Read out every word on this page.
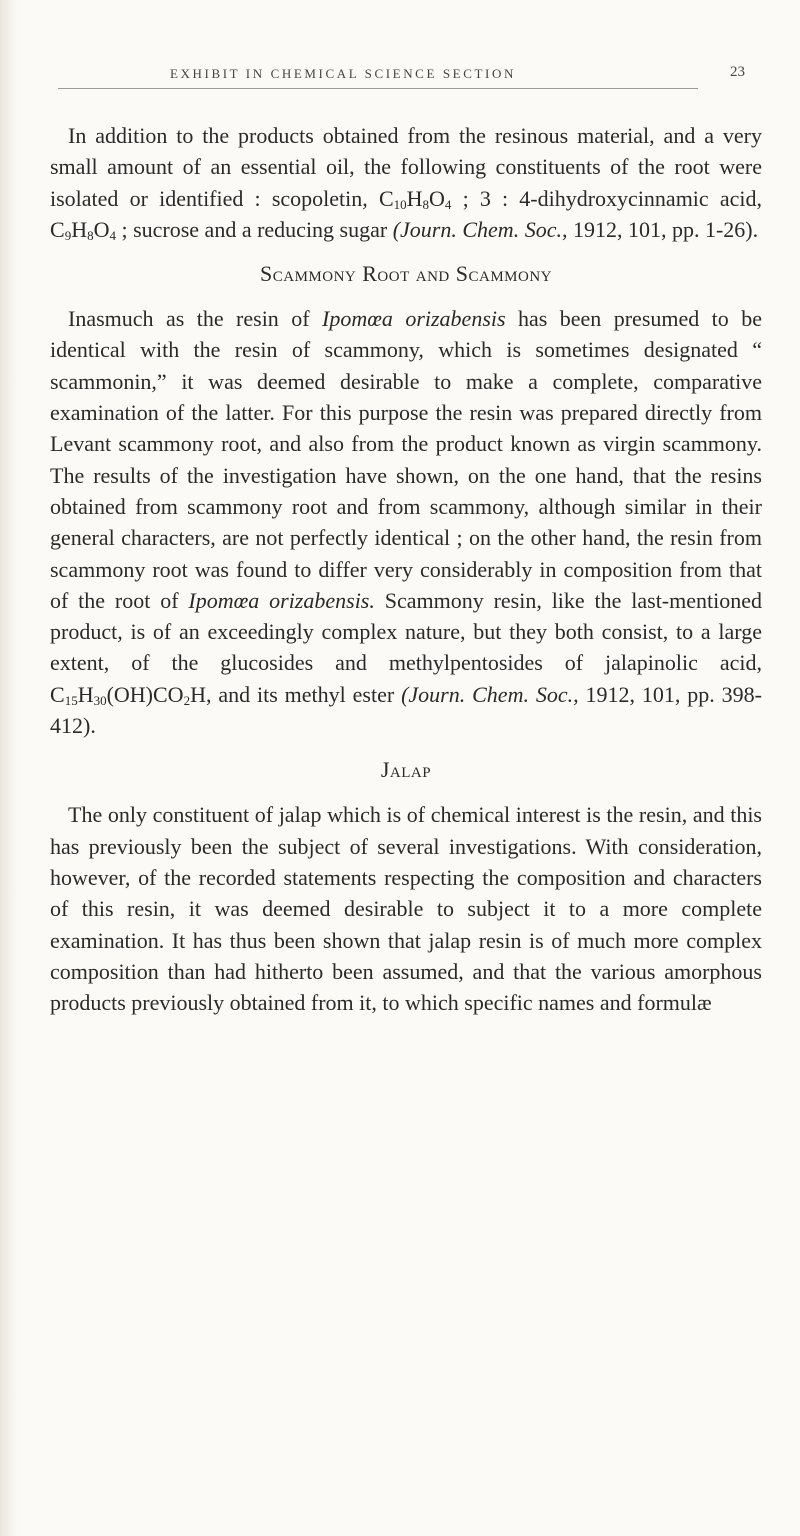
EXHIBIT IN CHEMICAL SCIENCE SECTION	23

In addition to the products obtained from the resinous material, and a very small amount of an essential oil, the following constituents of the root were isolated or identified : scopoletin, $C_{10}H_8O_4$ ; 3 : 4-dihydroxycinnamic acid, $C_9H_8O_4$ ; sucrose and a reducing sugar (Journ. Chem. Soc., 1912, 101, pp. 1-26).

Scammony Root and Scammony

Inasmuch as the resin of Ipomœa orizabensis has been presumed to be identical with the resin of scammony, which is sometimes designated “ scammonin,” it was deemed desirable to make a complete, comparative examination of the latter. For this purpose the resin was prepared directly from Levant scammony root, and also from the product known as virgin scammony. The results of the investigation have shown, on the one hand, that the resins obtained from scammony root and from scammony, although similar in their general characters, are not perfectly identical ; on the other hand, the resin from scammony root was found to differ very considerably in composition from that of the root of Ipomœa orizabensis. Scammony resin, like the last-mentioned product, is of an exceedingly complex nature, but they both consist, to a large extent, of the glucosides and methylpentosides of jalapinolic acid, $C_{15}H_{30}(OH)CO_2H$, and its methyl ester (Journ. Chem. Soc., 1912, 101, pp. 398-412).

Jalap

The only constituent of jalap which is of chemical interest is the resin, and this has previously been the subject of several investigations. With consideration, however, of the recorded statements respecting the composition and characters of this resin, it was deemed desirable to subject it to a more complete examination. It has thus been shown that jalap resin is of much more complex composition than had hitherto been assumed, and that the various amorphous products previously obtained from it, to which specific names and formulæ
